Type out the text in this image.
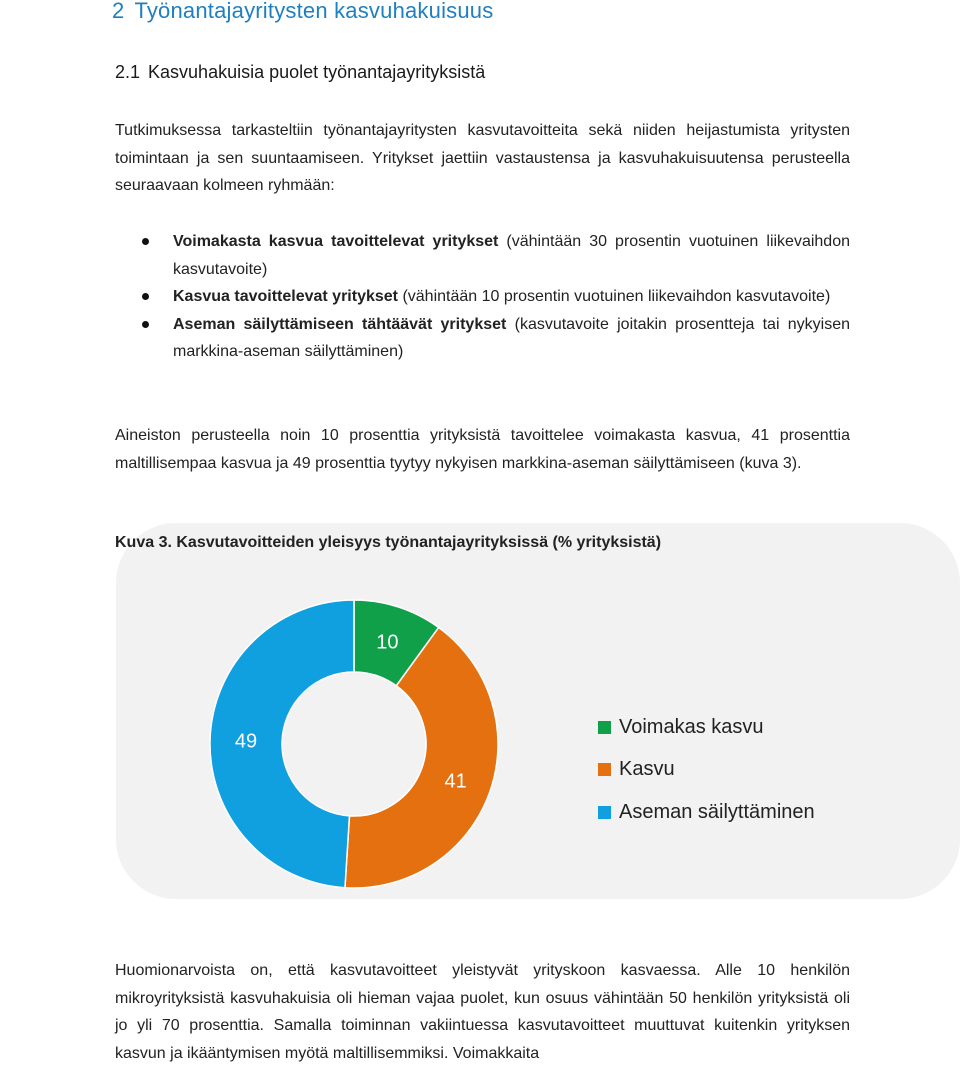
2 Työnantajayritysten kasvuhakuisuus
2.1 Kasvuhakuisia puolet työnantajayrityksistä

Tutkimuksessa tarkasteltiin työnantajayritysten kasvutavoitteita sekä niiden heijastumista yritysten toimintaan ja sen suuntaamiseen. Yritykset jaettiin vastaustensa ja kasvuhakuisuutensa perusteella seuraavaan kolmeen ryhmään:

Voimakasta kasvua tavoittelevat yritykset (vähintään 30 prosentin vuotuinen liikevaihdon kasvutavoite)
Kasvua tavoittelevat yritykset (vähintään 10 prosentin vuotuinen liikevaihdon kasvutavoite)
Aseman säilyttämiseen tähtäävät yritykset (kasvutavoite joitakin prosentteja tai nykyisen markkina-aseman säilyttäminen)

Aineiston perusteella noin 10 prosenttia yrityksistä tavoittelee voimakasta kasvua, 41 prosenttia maltillisempaa kasvua ja 49 prosenttia tyytyy nykyisen markkina-aseman säilyttämiseen (kuva 3).

Kuva 3. Kasvutavoitteiden yleisyys työnantajayrityksissä (% yrityksistä)

10
41
49
Voimakas kasvu
Kasvu
Aseman säilyttäminen

Huomionarvoista on, että kasvutavoitteet yleistyvät yrityskoon kasvaessa. Alle 10 henkilön mikroyrityksistä kasvuhakuisia oli hieman vajaa puolet, kun osuus vähintään 50 henkilön yrityksistä oli jo yli 70 prosenttia. Samalla toiminnan vakiintuessa kasvutavoitteet muuttuvat kuitenkin yrityksen kasvun ja ikääntymisen myötä maltillisemmiksi. Voimakkaita
